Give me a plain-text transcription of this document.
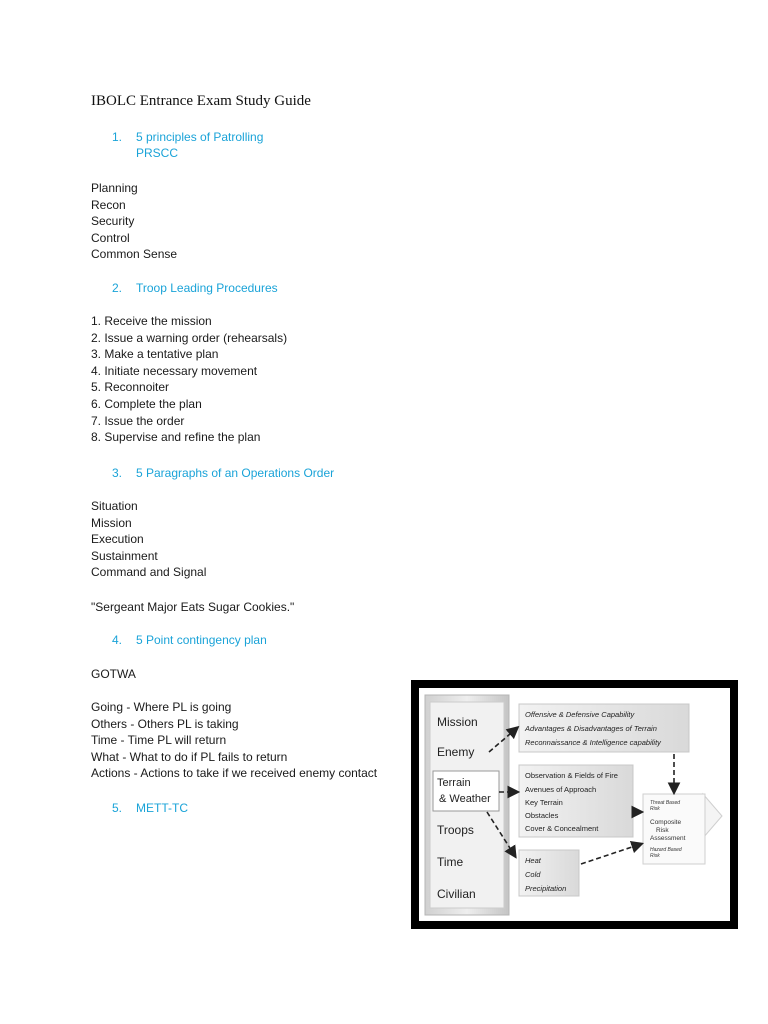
IBOLC Entrance Exam Study Guide
1. 5 principles of Patrolling
PRSCC
Planning
Recon
Security
Control
Common Sense
2. Troop Leading Procedures
1. Receive the mission
2. Issue a warning order (rehearsals)
3. Make a tentative plan
4. Initiate necessary movement
5. Reconnoiter
6. Complete the plan
7. Issue the order
8. Supervise and refine the plan
3. 5 Paragraphs of an Operations Order
Situation
Mission
Execution
Sustainment
Command and Signal
"Sergeant Major Eats Sugar Cookies."
4. 5 Point contingency plan
GOTWA
Going - Where PL is going
Others - Others PL is taking
Time - Time PL will return
What - What to do if PL fails to return
Actions - Actions to take if we received enemy contact
5. METT-TC
Mission
Enemy
Terrain
& Weather
Troops
Time
Civilian
Offensive & Defensive Capability
Advantages & Disadvantages of Terrain
Reconnaissance & Intelligence capability
Observation & Fields of Fire
Avenues of Approach
Key Terrain
Obstacles
Cover & Concealment
Heat
Cold
Precipitation
Threat Based
Risk
Composite
Risk
Assessment
Hazard Based
Risk
